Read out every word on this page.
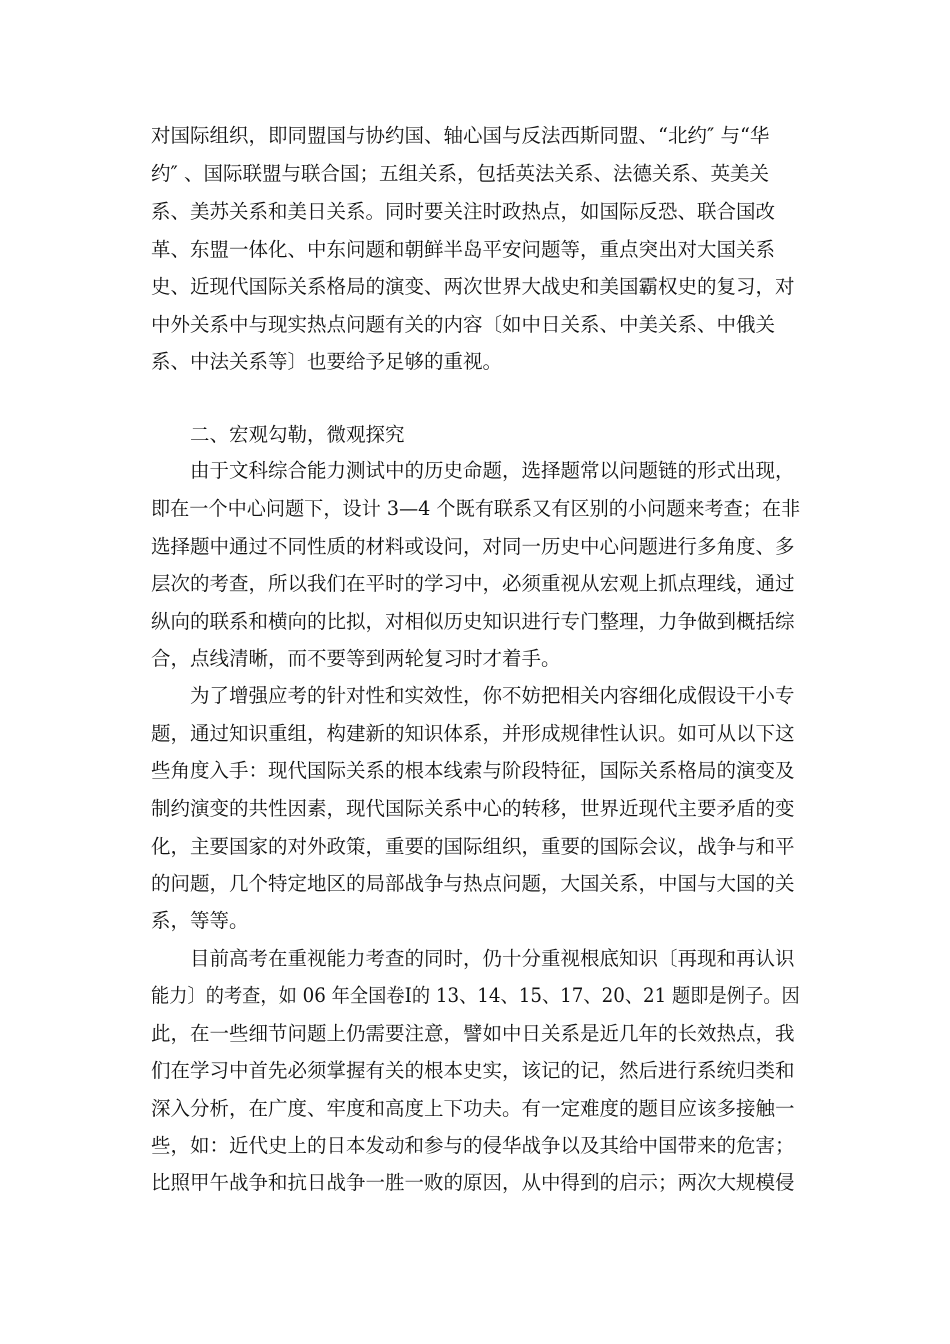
对国际组织，即同盟国与协约国、轴心国与反法西斯同盟、“北约″ 与“华
约″ 、国际联盟与联合国；五组关系，包括英法关系、法德关系、英美关
系、美苏关系和美日关系。同时要关注时政热点，如国际反恐、联合国改
革、东盟一体化、中东问题和朝鲜半岛平安问题等，重点突出对大国关系
史、近现代国际关系格局的演变、两次世界大战史和美国霸权史的复习，对
中外关系中与现实热点问题有关的内容〔如中日关系、中美关系、中俄关
系、中法关系等〕也要给予足够的重视。
二、宏观勾勒，微观探究
由于文科综合能力测试中的历史命题，选择题常以问题链的形式出现，
即在一个中心问题下，设计 3—4 个既有联系又有区别的小问题来考查；在非
选择题中通过不同性质的材料或设问，对同一历史中心问题进行多角度、多
层次的考查，所以我们在平时的学习中，必须重视从宏观上抓点理线，通过
纵向的联系和横向的比拟，对相似历史知识进行专门整理，力争做到概括综
合，点线清晰，而不要等到两轮复习时才着手。
为了增强应考的针对性和实效性，你不妨把相关内容细化成假设干小专
题，通过知识重组，构建新的知识体系，并形成规律性认识。如可从以下这
些角度入手：现代国际关系的根本线索与阶段特征，国际关系格局的演变及
制约演变的共性因素，现代国际关系中心的转移，世界近现代主要矛盾的变
化，主要国家的对外政策，重要的国际组织，重要的国际会议，战争与和平
的问题，几个特定地区的局部战争与热点问题，大国关系，中国与大国的关
系，等等。
目前高考在重视能力考查的同时，仍十分重视根底知识〔再现和再认识
能力〕的考查，如 06 年全国卷Ⅰ的 13、14、15、17、20、21 题即是例子。因
此，在一些细节问题上仍需要注意，譬如中日关系是近几年的长效热点，我
们在学习中首先必须掌握有关的根本史实，该记的记，然后进行系统归类和
深入分析，在广度、牢度和高度上下功夫。有一定难度的题目应该多接触一
些，如：近代史上的日本发动和参与的侵华战争以及其给中国带来的危害；
比照甲午战争和抗日战争一胜一败的原因，从中得到的启示；两次大规模侵
